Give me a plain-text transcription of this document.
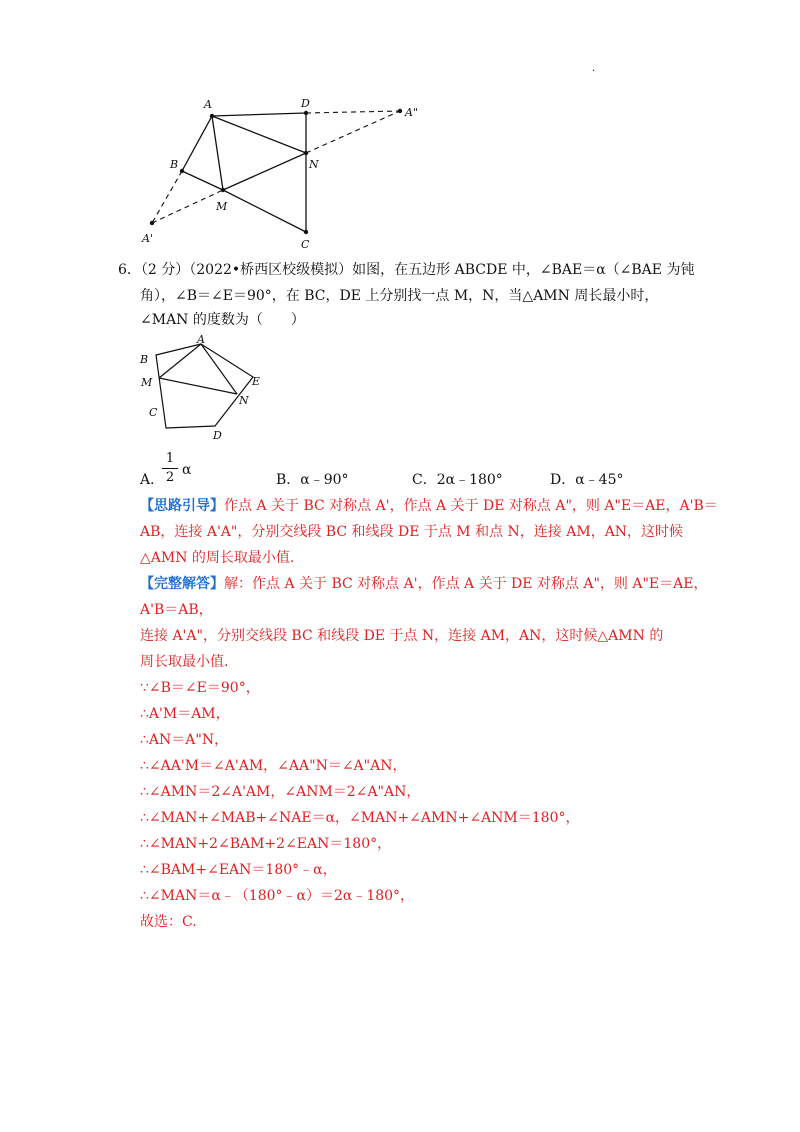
·
A	D
A"
B	N
M
A'	C
6．（2 分）（2022•桥西区校级模拟）如图，在五边形 ABCDE 中，∠BAE＝α（∠BAE 为钝
角），∠B＝∠E＝90°，在 BC，DE 上分别找一点 M，N，当△AMN 周长最小时，
∠MAN 的度数为（　　）
A
B
M	E
N
C
D
A．
1
2 α
B．α﹣90°	C．2α﹣180°	D．α﹣45°
【思路引导】作点 A 关于 BC 对称点 A'，作点 A 关于 DE 对称点 A"，则 A"E＝AE，A'B＝
AB，连接 A'A"，分别交线段 BC 和线段 DE 于点 M 和点 N，连接 AM，AN，这时候
△AMN 的周长取最小值.
【完整解答】解：作点 A 关于 BC 对称点 A'，作点 A 关于 DE 对称点 A"，则 A"E＝AE，
A'B＝AB，
连接 A'A"，分别交线段 BC 和线段 DE 于点 N，连接 AM，AN，这时候△AMN 的
周长取最小值.
∵∠B＝∠E＝90°，
∴A'M＝AM，
∴AN＝A"N，
∴∠AA'M＝∠A'AM，∠AA"N＝∠A"AN，
∴∠AMN＝2∠A'AM，∠ANM＝2∠A"AN，
∴∠MAN+∠MAB+∠NAE＝α，∠MAN+∠AMN+∠ANM＝180°，
∴∠MAN+2∠BAM+2∠EAN＝180°，
∴∠BAM+∠EAN＝180°﹣α，
∴∠MAN＝α﹣（180°﹣α）＝2α﹣180°，
故选：C.
